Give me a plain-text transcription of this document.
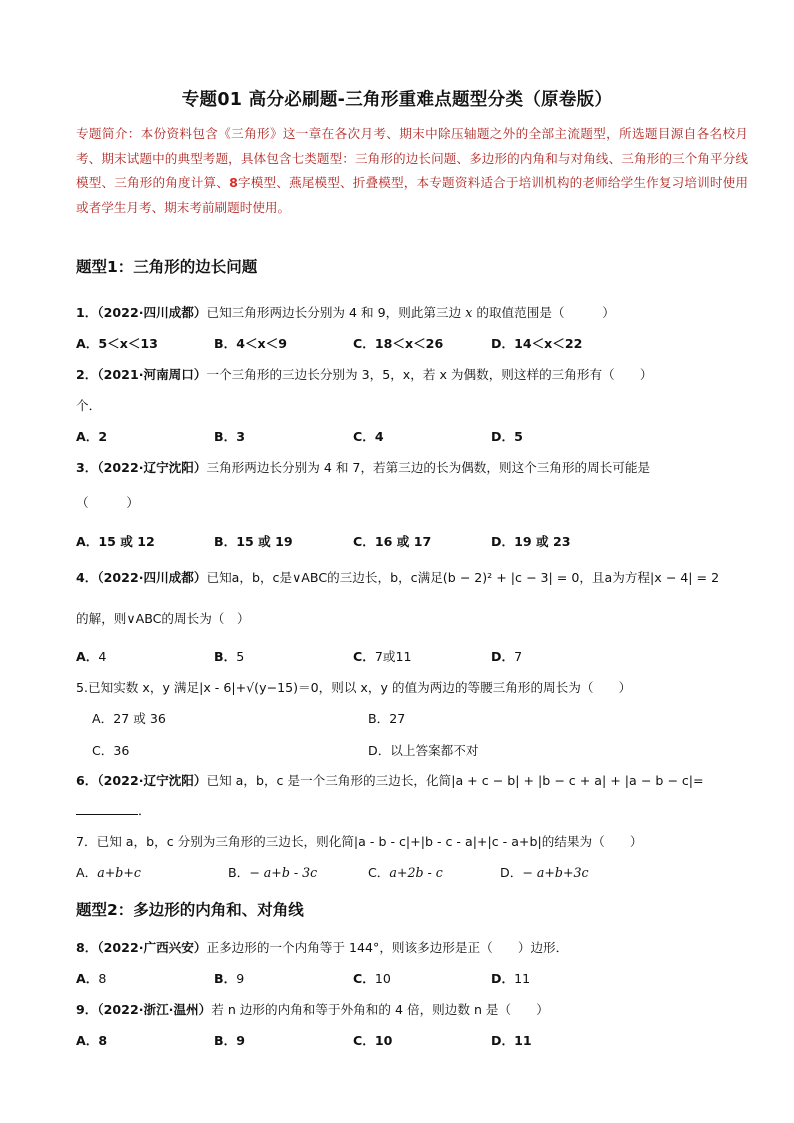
专题01 高分必刷题-三角形重难点题型分类（原卷版）
专题简介：本份资料包含《三角形》这一章在各次月考、期末中除压轴题之外的全部主流题型，所选题目源自各名校月考、期末试题中的典型考题，具体包含七类题型：三角形的边长问题、多边形的内角和与对角线、三角形的三个角平分线模型、三角形的角度计算、8字模型、燕尾模型、折叠模型，本专题资料适合于培训机构的老师给学生作复习培训时使用或者学生月考、期末考前刷题时使用。
题型1：三角形的边长问题
1．（2022·四川成都）已知三角形两边长分别为 4 和 9，则此第三边 x 的取值范围是（　　　）
A．5＜x＜13	B．4＜x＜9	C．18＜x＜26	D．14＜x＜22
2．（2021·河南周口）一个三角形的三边长分别为 3，5，x，若 x 为偶数，则这样的三角形有（　　）
个．
A．2	B．3	C．4	D．5
3．（2022·辽宁沈阳）三角形两边长分别为 4 和 7，若第三边的长为偶数，则这个三角形的周长可能是
（　　　）
A．15 或 12	B．15 或 19	C．16 或 17	D．19 或 23
4．（2022·四川成都）已知a，b，c是∨ABC的三边长，b，c满足(b − 2)² + |c − 3| = 0，且a为方程|x − 4| = 2
的解，则∨ABC的周长为（　）
A．4	B．5	C．7或11	D．7
5.已知实数 x，y 满足|x - 6|+√(y−15)＝0，则以 x，y 的值为两边的等腰三角形的周长为（　　）
A．27 或 36	B．27
C．36	D．以上答案都不对
6．（2022·辽宁沈阳）已知 a，b，c 是一个三角形的三边长，化简|a + c − b| + |b − c + a| + |a − b − c|=
．
7．已知 a，b，c 分别为三角形的三边长，则化简|a - b - c|+|b - c - a|+|c - a+b|的结果为（　　）
A．a+b+c	B．− a+b - 3c	C．a+2b - c	D．− a+b+3c
题型2：多边形的内角和、对角线
8．（2022·广西兴安）正多边形的一个内角等于 144°，则该多边形是正（　　）边形．
A．8	B．9	C．10	D．11
9．（2022·浙江·温州）若 n 边形的内角和等于外角和的 4 倍，则边数 n 是（　　）
A．8	B．9	C．10	D．11
